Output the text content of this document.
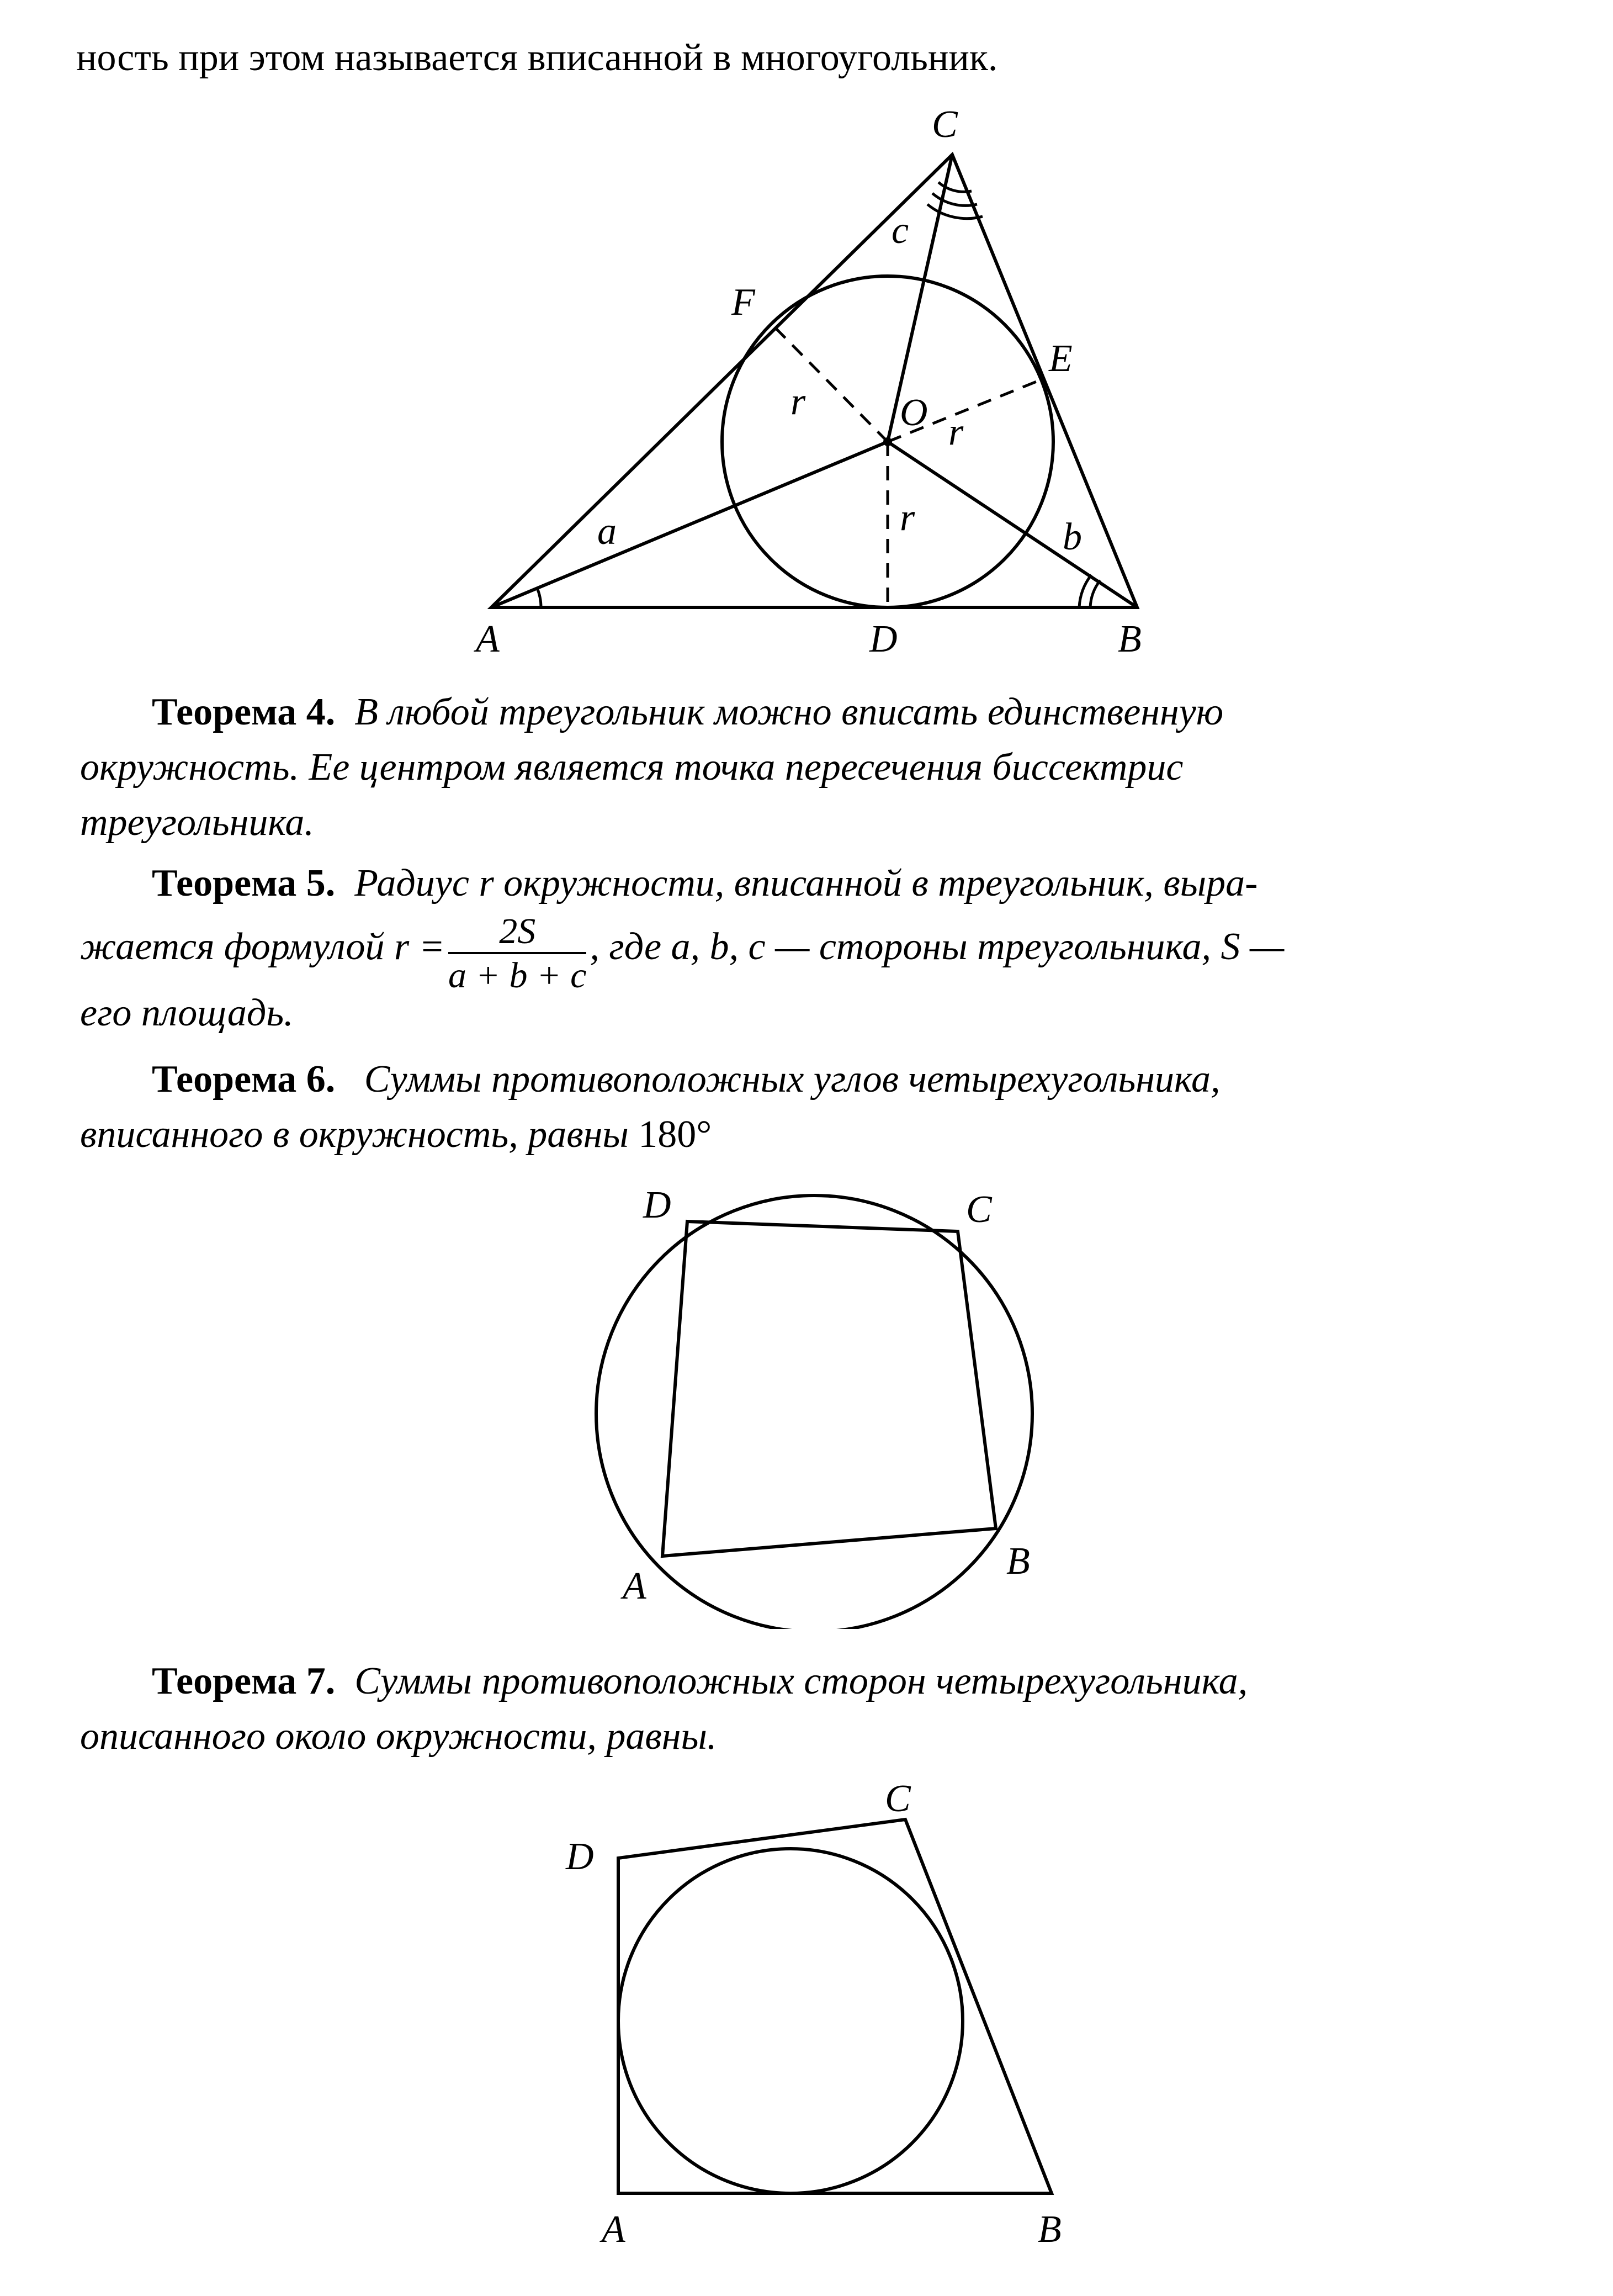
ность при этом называется вписанной в многоугольник.
C
F
E
O
A	D	B
a	b
c
r
r
r
Теорема 4. В любой треугольник можно вписать единственную
окружность. Ее центром является точка пересечения биссектрис
треугольника.
Теорема 5. Радиус r окружности, вписанной в треугольник, выра-
жается формулой $r = \frac{2S}{a + b + c}$ , где a, b, c — стороны треугольника, S —
его площадь.
Теорема 6. Суммы противоположных углов четырехугольника,
вписанного в окружность, равны 180°
D	C
A
B
Теорема 7. Суммы противоположных сторон четырехугольника,
описанного около окружности, равны.
C
D
A	B
